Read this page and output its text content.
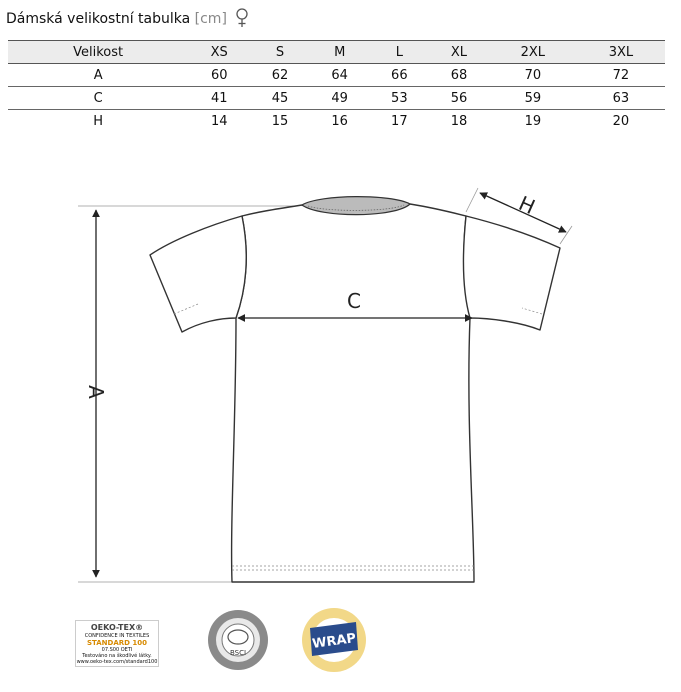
Dámská velikostní tabulka [cm]
Velikost	XS	S	M	L	XL	2XL	3XL
A	60	62	64	66	68	70	72
C	41	45	49	53	56	59	63
H	14	15	16	17	18	19	20
A
C
H
OEKO-TEX®
CONFIDENCE IN TEXTILES
STANDARD 100
07.S00 OETI
Testováno na škodlivé látky.
www.oeko-tex.com/standard100
BSCI
WRAP
